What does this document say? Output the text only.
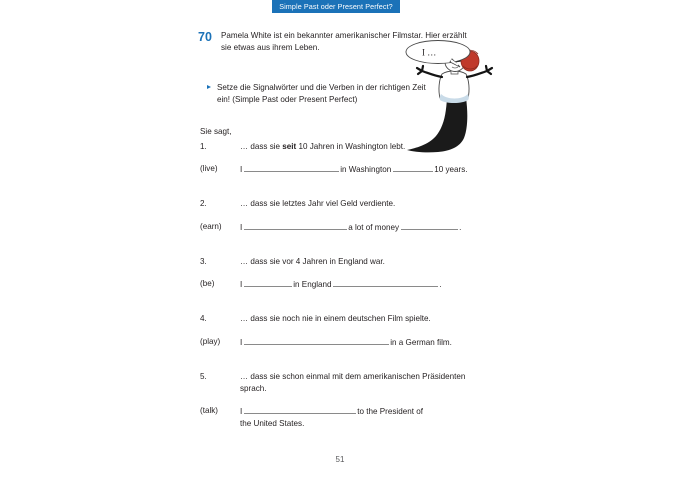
Simple Past oder Present Perfect?
70 Pamela White ist ein bekannter amerikanischer Filmstar. Hier erzählt sie etwas aus ihrem Leben.
Setze die Signalwörter und die Verben in der richtigen Zeit ein! (Simple Past oder Present Perfect)
Sie sagt,
1.	… dass sie seit 10 Jahren in Washington lebt.
(live)	I	in Washington	10 years.
2.	… dass sie letztes Jahr viel Geld verdiente.
(earn) I	a lot of money	.
3.	… dass sie vor 4 Jahren in England war.
(be)	I	in England	.
4.	… dass sie noch nie in einem deutschen Film spielte.
(play) I	in a German film.
5.	… dass sie schon einmal mit dem amerikanischen Präsidenten sprach.
(talk)	I	to the President of
the United States.
I …
51
